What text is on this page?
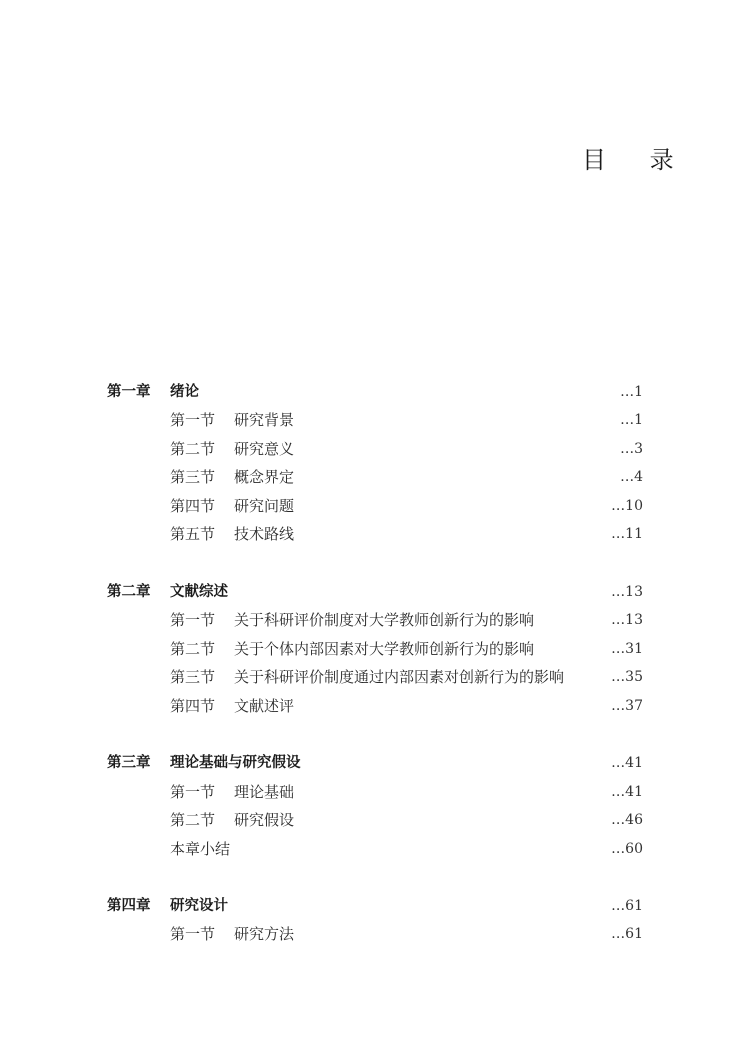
目 录
第一章 绪论	…1
第一节 研究背景	…1
第二节 研究意义	…3
第三节 概念界定	…4
第四节 研究问题	…10
第五节 技术路线	…11
第二章 文献综述	…13
第一节 关于科研评价制度对大学教师创新行为的影响	…13
第二节 关于个体内部因素对大学教师创新行为的影响	…31
第三节 关于科研评价制度通过内部因素对创新行为的影响	…35
第四节 文献述评	…37
第三章 理论基础与研究假设	…41
第一节 理论基础	…41
第二节 研究假设	…46
本章小结	…60
第四章 研究设计	…61
第一节 研究方法	…61
